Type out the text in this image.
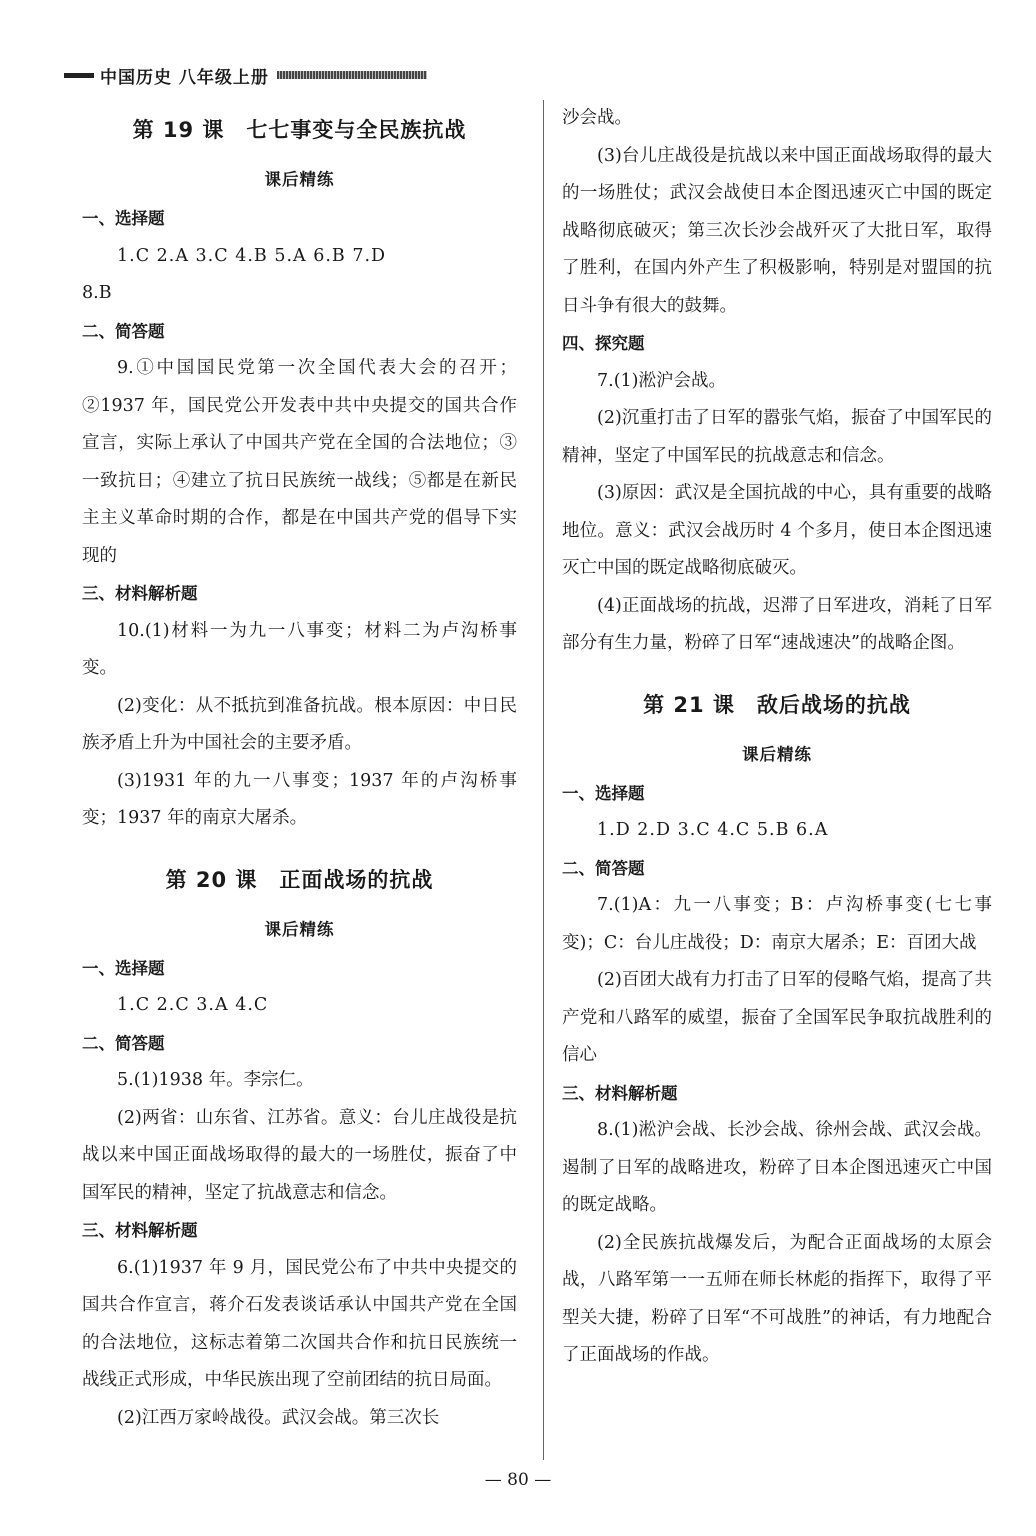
中国历史 八年级上册
第 19 课 七七事变与全民族抗战
课后精练
一、选择题
1.C 2.A 3.C 4.B 5.A 6.B 7.D
8.B
二、简答题
9.①中国国民党第一次全国代表大会的召开；②1937 年，国民党公开发表中共中央提交的国共合作宣言，实际上承认了中国共产党在全国的合法地位；③一致抗日；④建立了抗日民族统一战线；⑤都是在新民主主义革命时期的合作，都是在中国共产党的倡导下实现的
三、材料解析题
10.(1)材料一为九一八事变；材料二为卢沟桥事变。
(2)变化：从不抵抗到准备抗战。根本原因：中日民族矛盾上升为中国社会的主要矛盾。
(3)1931 年的九一八事变；1937 年的卢沟桥事变；1937 年的南京大屠杀。
第 20 课 正面战场的抗战
课后精练
一、选择题
1.C 2.C 3.A 4.C
二、简答题
5.(1)1938 年。李宗仁。
(2)两省：山东省、江苏省。意义：台儿庄战役是抗战以来中国正面战场取得的最大的一场胜仗，振奋了中国军民的精神，坚定了抗战意志和信念。
三、材料解析题
6.(1)1937 年 9 月，国民党公布了中共中央提交的国共合作宣言，蒋介石发表谈话承认中国共产党在全国的合法地位，这标志着第二次国共合作和抗日民族统一战线正式形成，中华民族出现了空前团结的抗日局面。
(2)江西万家岭战役。武汉会战。第三次长
沙会战。
(3)台儿庄战役是抗战以来中国正面战场取得的最大的一场胜仗；武汉会战使日本企图迅速灭亡中国的既定战略彻底破灭；第三次长沙会战歼灭了大批日军，取得了胜利，在国内外产生了积极影响，特别是对盟国的抗日斗争有很大的鼓舞。
四、探究题
7.(1)淞沪会战。
(2)沉重打击了日军的嚣张气焰，振奋了中国军民的精神，坚定了中国军民的抗战意志和信念。
(3)原因：武汉是全国抗战的中心，具有重要的战略地位。意义：武汉会战历时 4 个多月，使日本企图迅速灭亡中国的既定战略彻底破灭。
(4)正面战场的抗战，迟滞了日军进攻，消耗了日军部分有生力量，粉碎了日军“速战速决”的战略企图。
第 21 课 敌后战场的抗战
课后精练
一、选择题
1.D 2.D 3.C 4.C 5.B 6.A
二、简答题
7.(1)A：九一八事变；B：卢沟桥事变(七七事变)；C：台儿庄战役；D：南京大屠杀；E：百团大战
(2)百团大战有力打击了日军的侵略气焰，提高了共产党和八路军的威望，振奋了全国军民争取抗战胜利的信心
三、材料解析题
8.(1)淞沪会战、长沙会战、徐州会战、武汉会战。遏制了日军的战略进攻，粉碎了日本企图迅速灭亡中国的既定战略。
(2)全民族抗战爆发后，为配合正面战场的太原会战，八路军第一一五师在师长林彪的指挥下，取得了平型关大捷，粉碎了日军“不可战胜”的神话，有力地配合了正面战场的作战。
— 80 —
